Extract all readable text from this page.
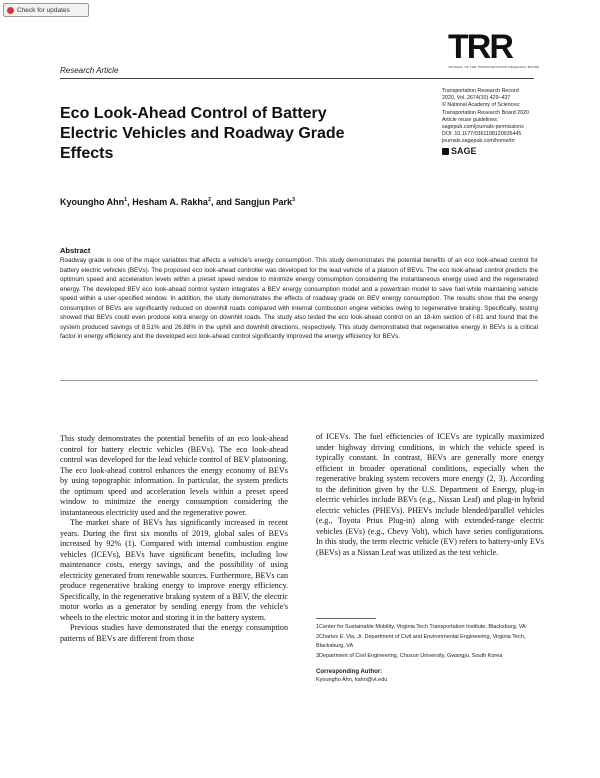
Check for updates
TRR
JOURNAL OF THE TRANSPORTATION RESEARCH BOARD
Research Article
Eco Look-Ahead Control of Battery Electric Vehicles and Roadway Grade Effects
Transportation Research Record
2020, Vol. 2674(10) 429–437
© National Academy of Sciences:
Transportation Research Board 2020
Article reuse guidelines:
sagepub.com/journals-permissions
DOI: 10.1177/0361198120935445
journals.sagepub.com/home/trr
SAGE
Kyoungho Ahn$^1$, Hesham A. Rakha$^2$, and Sangjun Park$^3$
Abstract
Roadway grade is one of the major variables that affects a vehicle's energy consumption. This study demonstrates the potential benefits of an eco look-ahead control for battery electric vehicles (BEVs). The proposed eco look-ahead controller was developed for the lead vehicle of a platoon of BEVs. The eco look-ahead control predicts the optimum speed and acceleration levels within a preset speed window to minimize energy consumption considering the instantaneous energy used and the regenerated energy. The developed BEV eco look-ahead control system integrates a BEV energy consumption model and a powertrain model to save fuel while maintaining vehicle speed within a user-specified window. In addition, the study demonstrates the effects of roadway grade on BEV energy consumption. The results show that the energy consumption of BEVs are significantly reduced on downhill roads compared with internal combustion engine vehicles owing to regenerative braking. Specifically, testing showed that BEVs could even produce extra energy on downhill roads. The study also tested the eco look-ahead control on an 18-km section of I-81 and found that the system produced savings of 8.51% and 26.88% in the uphill and downhill directions, respectively. This study demonstrated that regenerative energy in BEVs is a critical factor in energy efficiency and the developed eco look-ahead control significantly improved the energy efficiency for BEVs.

This study demonstrates the potential benefits of an eco look-ahead control for battery electric vehicles (BEVs). The eco look-ahead control was developed for the lead vehicle control of BEV platooning. The eco look-ahead control enhances the energy economy of BEVs by using topographic information. In particular, the system predicts the optimum speed and acceleration levels within a preset speed window to minimize the energy consumption considering the instantaneous electricity used and the regenerative power.

The market share of BEVs has significantly increased in recent years. During the first six months of 2019, global sales of BEVs increased by 92% (1). Compared with internal combustion engine vehicles (ICEVs), BEVs have significant benefits, including low maintenance costs, energy savings, and the possibility of using electricity generated from renewable sources. Furthermore, BEVs can produce regenerative braking energy to improve energy efficiency. Specifically, in the regenerative braking system of a BEV, the electric motor works as a generator by sending energy from the vehicle's wheels to the electric motor and storing it in the battery system.

Previous studies have demonstrated that the energy consumption patterns of BEVs are different from those

of ICEVs. The fuel efficiencies of ICEVs are typically maximized under highway driving conditions, in which the vehicle speed is typically constant. In contrast, BEVs are generally more energy efficient in broader operational conditions, especially when the regenerative braking system recovers more energy (2, 3). According to the definition given by the U.S. Department of Energy, plug-in electric vehicles include BEVs (e.g., Nissan Leaf) and plug-in hybrid electric vehicles (PHEVs). PHEVs include blended/parallel vehicles (e.g., Toyota Prius Plug-in) along with extended-range electric vehicles (EVs) (e.g., Chevy Volt), which have series configurations. In this study, the term electric vehicle (EV) refers to battery-only EVs (BEVs) as a Nissan Leaf was utilized as the test vehicle.

1Center for Sustainable Mobility, Virginia Tech Transportation Institute, Blacksburg, VA
2Charles E. Via, Jr. Department of Civil and Environmental Engineering, Virginia Tech, Blacksburg, VA
3Department of Civil Engineering, Chosun University, Gwangju, South Korea
Corresponding Author:
Kyoungho Ahn, kahn@vt.edu
